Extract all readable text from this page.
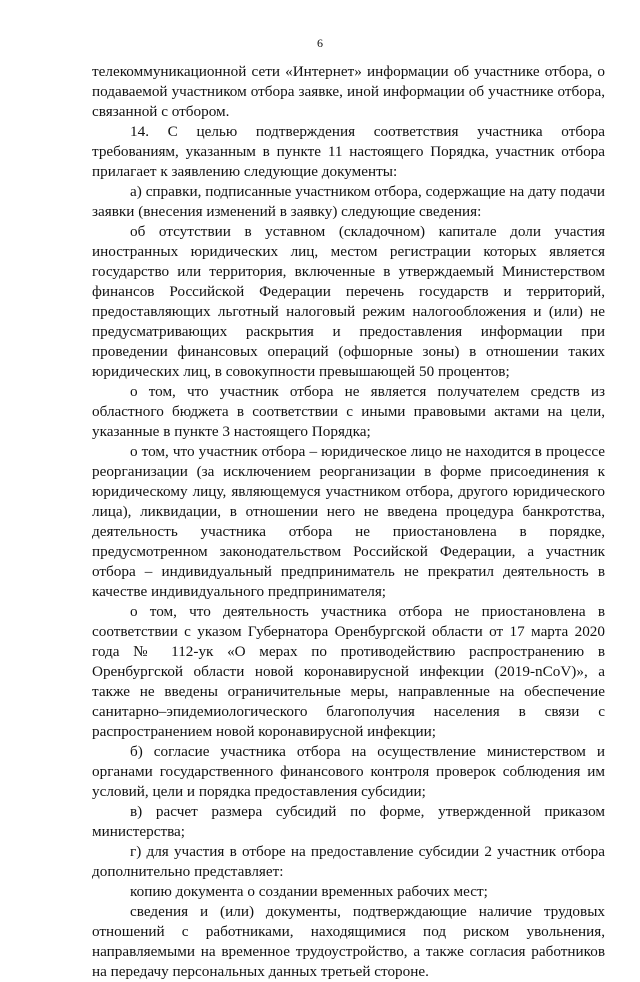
6

телекоммуникационной сети «Интернет» информации об участнике отбора, о подаваемой участником отбора заявке, иной информации об участнике отбора, связанной с отбором.

14. С целью подтверждения соответствия участника отбора требованиям, указанным в пункте 11 настоящего Порядка, участник отбора прилагает к заявлению следующие документы:

а) справки, подписанные участником отбора, содержащие на дату подачи заявки (внесения изменений в заявку) следующие сведения:

об отсутствии в уставном (складочном) капитале доли участия иностранных юридических лиц, местом регистрации которых является государство или территория, включенные в утверждаемый Министерством финансов Российской Федерации перечень государств и территорий, предоставляющих льготный налоговый режим налогообложения и (или) не предусматривающих раскрытия и предоставления информации при проведении финансовых операций (офшорные зоны) в отношении таких юридических лиц, в совокупности превышающей 50 процентов;

о том, что участник отбора не является получателем средств из областного бюджета в соответствии с иными правовыми актами на цели, указанные в пункте 3 настоящего Порядка;

о том, что участник отбора – юридическое лицо не находится в процессе реорганизации (за исключением реорганизации в форме присоединения к юридическому лицу, являющемуся участником отбора, другого юридического лица), ликвидации, в отношении него не введена процедура банкротства, деятельность участника отбора не приостановлена в порядке, предусмотренном законодательством Российской Федерации, а участник отбора – индивидуальный предприниматель не прекратил деятельность в качестве индивидуального предпринимателя;

о том, что деятельность участника отбора не приостановлена в соответствии с указом Губернатора Оренбургской области от 17 марта 2020 года № 112-ук «О мерах по противодействию распространению в Оренбургской области новой коронавирусной инфекции (2019-nCoV)», а также не введены ограничительные меры, направленные на обеспечение санитарно–эпидемиологического благополучия населения в связи с распространением новой коронавирусной инфекции;

б) согласие участника отбора на осуществление министерством и органами государственного финансового контроля проверок соблюдения им условий, цели и порядка предоставления субсидии;

в) расчет размера субсидий по форме, утвержденной приказом министерства;

г) для участия в отборе на предоставление субсидии 2 участник отбора дополнительно представляет:

копию документа о создании временных рабочих мест;

сведения и (или) документы, подтверждающие наличие трудовых отношений с работниками, находящимися под риском увольнения, направляемыми на временное трудоустройство, а также согласия работников на передачу персональных данных третьей стороне.
